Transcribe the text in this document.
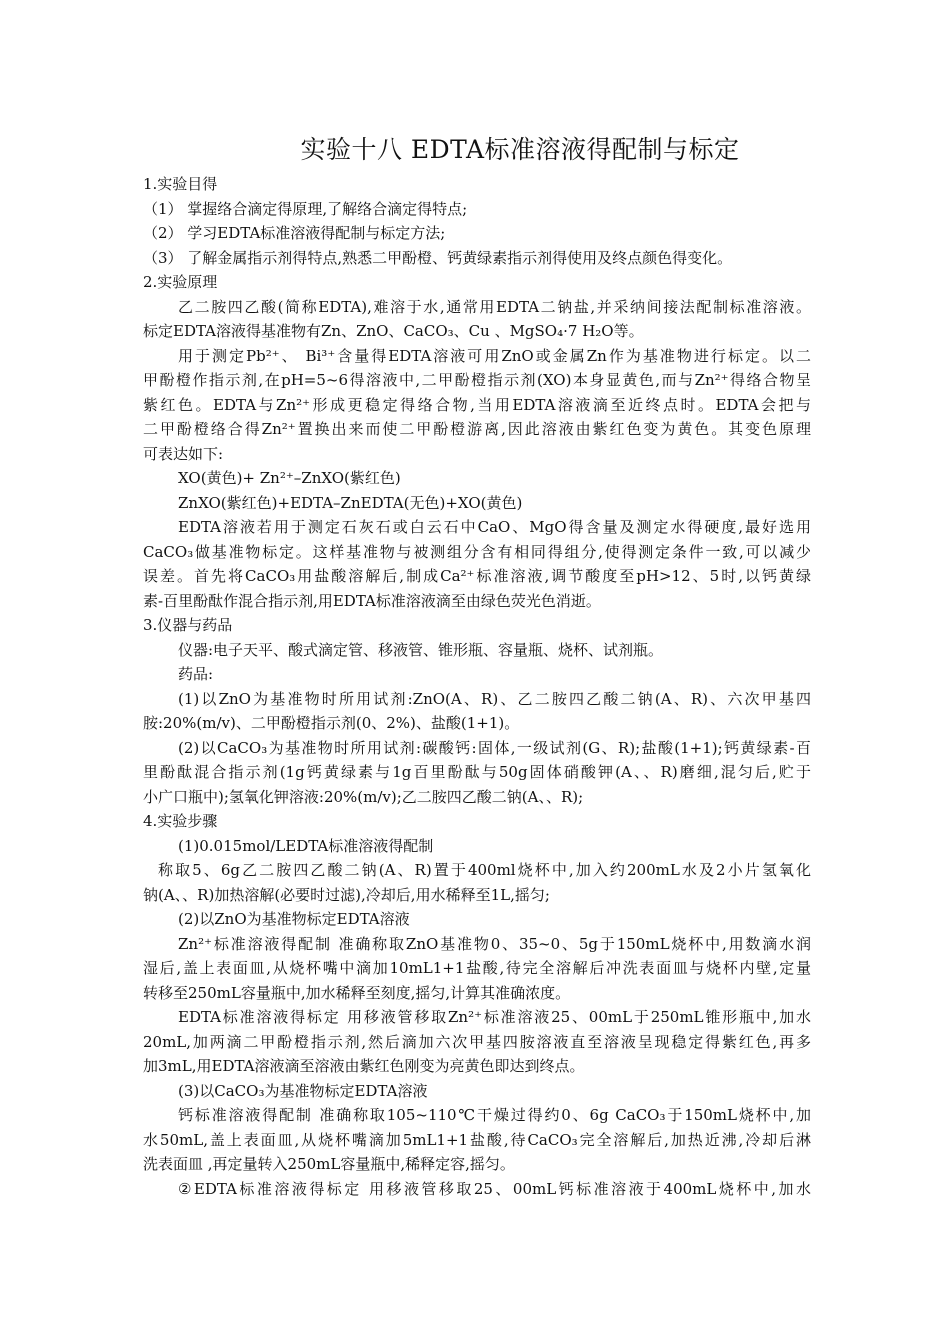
实验十八 EDTA标准溶液得配制与标定
1.实验目得
（1） 掌握络合滴定得原理,了解络合滴定得特点;
（2） 学习EDTA标准溶液得配制与标定方法;
（3） 了解金属指示剂得特点,熟悉二甲酚橙、钙黄绿素指示剂得使用及终点颜色得变化。
2.实验原理
乙二胺四乙酸(简称EDTA),难溶于水,通常用EDTA二钠盐,并采纳间接法配制标准溶液。
标定EDTA溶液得基准物有Zn、ZnO、CaCO₃、Cu 、MgSO₄·7 H₂O等。
用于测定Pb²⁺、 Bi³⁺含量得EDTA溶液可用ZnO或金属Zn作为基准物进行标定。以二
甲酚橙作指示剂,在pH=5~6得溶液中,二甲酚橙指示剂(XO)本身显黄色,而与Zn²⁺得络合物呈
紫红色。EDTA与Zn²⁺形成更稳定得络合物,当用EDTA溶液滴至近终点时。EDTA会把与
二甲酚橙络合得Zn²⁺置换出来而使二甲酚橙游离,因此溶液由紫红色变为黄色。其变色原理
可表达如下:
XO(黄色)+ Zn²⁺–ZnXO(紫红色)
ZnXO(紫红色)+EDTA–ZnEDTA(无色)+XO(黄色)
EDTA溶液若用于测定石灰石或白云石中CaO、MgO得含量及测定水得硬度,最好选用
CaCO₃做基准物标定。这样基准物与被测组分含有相同得组分,使得测定条件一致,可以减少
误差。首先将CaCO₃用盐酸溶解后,制成Ca²⁺标准溶液,调节酸度至pH>12、5时,以钙黄绿
素-百里酚酞作混合指示剂,用EDTA标准溶液滴至由绿色荧光色消逝。
3.仪器与药品
仪器:电子天平、酸式滴定管、移液管、锥形瓶、容量瓶、烧杯、试剂瓶。
药品:
(1)以ZnO为基准物时所用试剂:ZnO(A、R)、乙二胺四乙酸二钠(A、R)、六次甲基四
胺:20%(m/v)、二甲酚橙指示剂(0、2%)、盐酸(1+1)。
(2)以CaCO₃为基准物时所用试剂:碳酸钙:固体,一级试剂(G、R);盐酸(1+1);钙黄绿素-百
里酚酞混合指示剂(1g钙黄绿素与1g百里酚酞与50g固体硝酸钾(A、、R)磨细,混匀后,贮于
小广口瓶中);氢氧化钾溶液:20%(m/v);乙二胺四乙酸二钠(A、、R);
4.实验步骤
(1)0.015mol/LEDTA标准溶液得配制
称取5、6g乙二胺四乙酸二钠(A、R)置于400ml烧杯中,加入约200mL水及2小片氢氧化
钠(A、、R)加热溶解(必要时过滤),冷却后,用水稀释至1L,摇匀;
(2)以ZnO为基准物标定EDTA溶液
Zn²⁺标准溶液得配制 准确称取ZnO基准物0、35~0、5g于150mL烧杯中,用数滴水润
湿后,盖上表面皿,从烧杯嘴中滴加10mL1+1盐酸,待完全溶解后冲洗表面皿与烧杯内壁,定量
转移至250mL容量瓶中,加水稀释至刻度,摇匀,计算其准确浓度。
EDTA标准溶液得标定 用移液管移取Zn²⁺标准溶液25、00mL于250mL锥形瓶中,加水
20mL,加两滴二甲酚橙指示剂,然后滴加六次甲基四胺溶液直至溶液呈现稳定得紫红色,再多
加3mL,用EDTA溶液滴至溶液由紫红色刚变为亮黄色即达到终点。
(3)以CaCO₃为基准物标定EDTA溶液
钙标准溶液得配制 准确称取105~110℃干燥过得约0、6g CaCO₃于150mL烧杯中,加
水50mL,盖上表面皿,从烧杯嘴滴加5mL1+1盐酸,待CaCO₃完全溶解后,加热近沸,冷却后淋
洗表面皿 ,再定量转入250mL容量瓶中,稀释定容,摇匀。
②EDTA标准溶液得标定 用移液管移取25、00mL钙标准溶液于400mL烧杯中,加水
